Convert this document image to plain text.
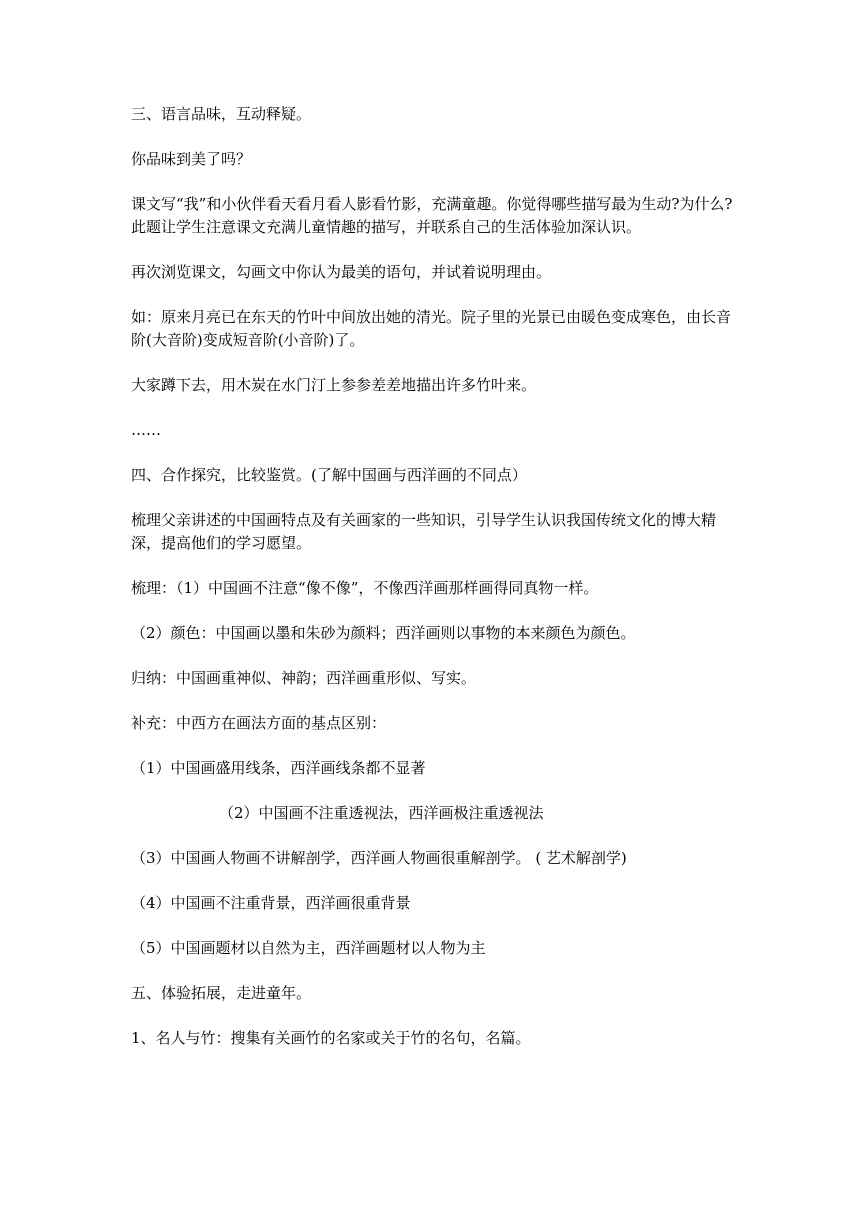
三、语言品味，互动释疑。

你品味到美了吗？

课文写“我”和小伙伴看天看月看人影看竹影，充满童趣。你觉得哪些描写最为生动?为什么? 此题让学生注意课文充满儿童情趣的描写，并联系自己的生活体验加深认识。

再次浏览课文，勾画文中你认为最美的语句，并试着说明理由。

如：原来月亮已在东天的竹叶中间放出她的清光。院子里的光景已由暖色变成寒色，由长音阶(大音阶)变成短音阶(小音阶)了。

大家蹲下去，用木炭在水门汀上参参差差地描出许多竹叶来。

……

四、合作探究，比较鉴赏。(了解中国画与西洋画的不同点）

梳理父亲讲述的中国画特点及有关画家的一些知识，引导学生认识我国传统文化的博大精深，提高他们的学习愿望。

梳理：（1）中国画不注意“像不像”，不像西洋画那样画得同真物一样。

（2）颜色：中国画以墨和朱砂为颜料；西洋画则以事物的本来颜色为颜色。

归纳：中国画重神似、神韵；西洋画重形似、写实。

补充：中西方在画法方面的基点区别：

（1）中国画盛用线条，西洋画线条都不显著

（2）中国画不注重透视法，西洋画极注重透视法

（3）中国画人物画不讲解剖学，西洋画人物画很重解剖学。 ( 艺术解剖学)

（4）中国画不注重背景，西洋画很重背景

（5）中国画题材以自然为主，西洋画题材以人物为主

五、体验拓展，走进童年。

1、名人与竹：搜集有关画竹的名家或关于竹的名句，名篇。
